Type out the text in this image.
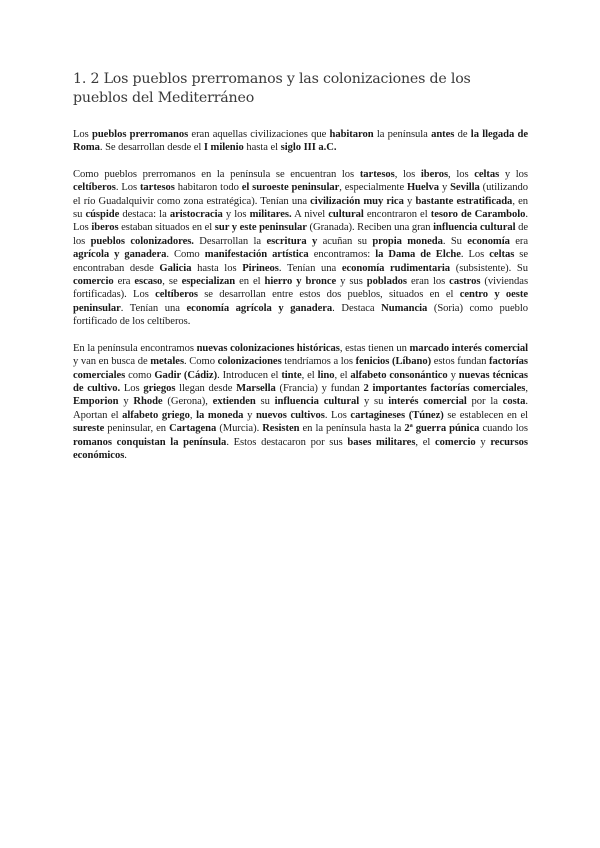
1. 2 Los pueblos prerromanos y las colonizaciones de los pueblos del Mediterráneo

Los pueblos prerromanos eran aquellas civilizaciones que habitaron la península antes de la llegada de Roma. Se desarrollan desde el I milenio hasta el siglo III a.C.

Como pueblos prerromanos en la península se encuentran los tartesos, los iberos, los celtas y los celtíberos. Los tartesos habitaron todo el suroeste peninsular, especialmente Huelva y Sevilla (utilizando el río Guadalquivir como zona estratégica). Tenían una civilización muy rica y bastante estratificada, en su cúspide destaca: la aristocracia y los militares. A nivel cultural encontraron el tesoro de Carambolo. Los iberos estaban situados en el sur y este peninsular (Granada). Reciben una gran influencia cultural de los pueblos colonizadores. Desarrollan la escritura y acuñan su propia moneda. Su economía era agrícola y ganadera. Como manifestación artística encontramos: la Dama de Elche. Los celtas se encontraban desde Galicia hasta los Pirineos. Tenían una economía rudimentaria (subsistente). Su comercio era escaso, se especializan en el hierro y bronce y sus poblados eran los castros (viviendas fortificadas). Los celtíberos se desarrollan entre estos dos pueblos, situados en el centro y oeste peninsular. Tenían una economía agrícola y ganadera. Destaca Numancia (Soria) como pueblo fortificado de los celtíberos.

En la península encontramos nuevas colonizaciones históricas, estas tienen un marcado interés comercial y van en busca de metales. Como colonizaciones tendríamos a los fenicios (Líbano) estos fundan factorías comerciales como Gadir (Cádiz). Introducen el tinte, el lino, el alfabeto consonántico y nuevas técnicas de cultivo. Los griegos llegan desde Marsella (Francia) y fundan 2 importantes factorías comerciales, Emporion y Rhode (Gerona), extienden su influencia cultural y su interés comercial por la costa. Aportan el alfabeto griego, la moneda y nuevos cultivos. Los cartagineses (Túnez) se establecen en el sureste peninsular, en Cartagena (Murcia). Resisten en la península hasta la 2ª guerra púnica cuando los romanos conquistan la península. Estos destacaron por sus bases militares, el comercio y recursos económicos.
